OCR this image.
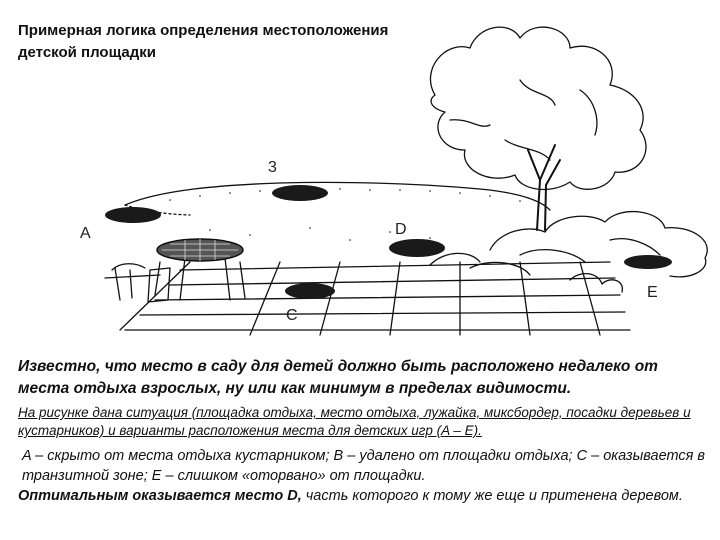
Примерная логика определения местоположения
детской площадки
A
3
C
D
E

Известно, что место в саду для детей должно быть расположено недалеко от места отдыха взрослых, ну или как минимум в пределах видимости.

На рисунке дана ситуация (площадка отдыха, место отдыха, лужайка, миксбордер, посадки деревьев и кустарников) и варианты расположения места для детских игр (A – E).

A – скрыто от места отдыха кустарником; B – удалено от площадки отдыха; C – оказывается в транзитной зоне; E – слишком «оторвано» от площадки.

Оптимальным оказывается место D, часть которого к тому же еще и притенена деревом.
